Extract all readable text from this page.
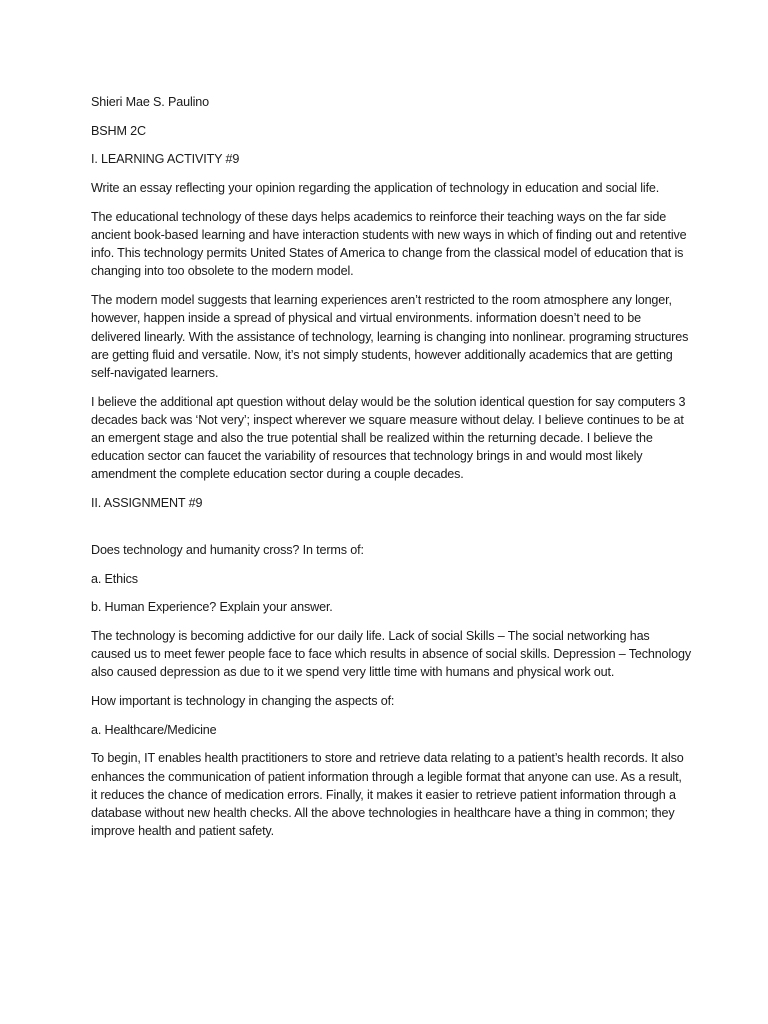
Shieri Mae S. Paulino

BSHM 2C

I. LEARNING ACTIVITY #9

Write an essay reflecting your opinion regarding the application of technology in education and social life.

The educational technology of these days helps academics to reinforce their teaching ways on the far side ancient book-based learning and have interaction students with new ways in which of finding out and retentive info. This technology permits United States of America to change from the classical model of education that is changing into too obsolete to the modern model.

The modern model suggests that learning experiences aren’t restricted to the room atmosphere any longer, however, happen inside a spread of physical and virtual environments. information doesn’t need to be delivered linearly. With the assistance of technology, learning is changing into nonlinear. programing structures are getting fluid and versatile. Now, it’s not simply students, however additionally academics that are getting self-navigated learners.

I believe the additional apt question without delay would be the solution identical question for say computers 3 decades back was ‘Not very’; inspect wherever we square measure without delay. I believe continues to be at an emergent stage and also the true potential shall be realized within the returning decade. I believe the education sector can faucet the variability of resources that technology brings in and would most likely amendment the complete education sector during a couple decades.

II. ASSIGNMENT #9

Does technology and humanity cross? In terms of:

a. Ethics

b. Human Experience? Explain your answer.

The technology is becoming addictive for our daily life. Lack of social Skills – The social networking has caused us to meet fewer people face to face which results in absence of social skills. Depression – Technology also caused depression as due to it we spend very little time with humans and physical work out.

How important is technology in changing the aspects of:

a. Healthcare/Medicine

To begin, IT enables health practitioners to store and retrieve data relating to a patient’s health records. It also enhances the communication of patient information through a legible format that anyone can use. As a result, it reduces the chance of medication errors. Finally, it makes it easier to retrieve patient information through a database without new health checks. All the above technologies in healthcare have a thing in common; they improve health and patient safety.
